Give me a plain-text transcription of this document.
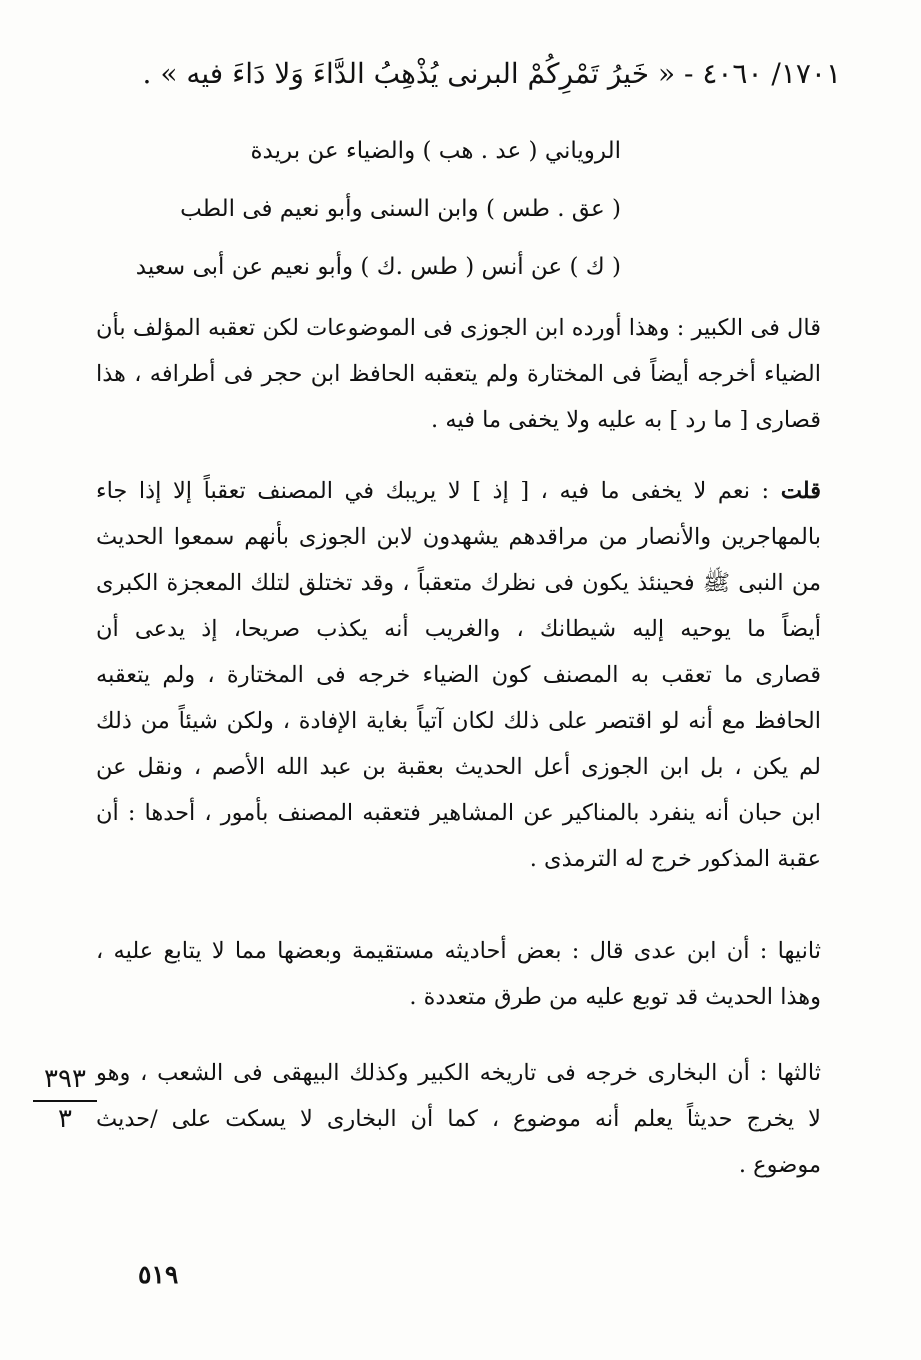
١٧٠١/ ٤٠٦٠ - « خَيرُ تَمْرِكُمْ البرنى يُذْهِبُ الدَّاءَ وَلا دَاءَ فيه » .
الروياني ( عد . هب ) والضياء عن بريدة
( عق . طس ) وابن السنى وأبو نعيم فى الطب
( ك ) عن أنس ( طس .ك ) وأبو نعيم عن أبى سعيد
قال فى الكبير : وهذا أورده ابن الجوزى فى الموضوعات لكن تعقبه المؤلف بأن
الضياء أخرجه أيضاً فى المختارة ولم يتعقبه الحافظ ابن حجر فى أطرافه ، هذا
قصارى [ ما رد ] به عليه ولا يخفى ما فيه .
قلت : نعم لا يخفى ما فيه ، [ إذ ] لا يريبك في المصنف تعقباً إلا إذا جاء
بالمهاجرين والأنصار من مراقدهم يشهدون لابن الجوزى بأنهم سمعوا الحديث
من النبى ﷺ فحينئذ يكون فى نظرك متعقباً ، وقد تختلق لتلك المعجزة الكبرى
أيضاً ما يوحيه إليه شيطانك ، والغريب أنه يكذب صريحا، إذ يدعى أن
قصارى ما تعقب به المصنف كون الضياء خرجه فى المختارة ، ولم يتعقبه
الحافظ مع أنه لو اقتصر على ذلك لكان آتياً بغاية الإفادة ، ولكن شيئاً من ذلك
لم يكن ، بل ابن الجوزى أعل الحديث بعقبة بن عبد الله الأصم ، ونقل عن
ابن حبان أنه ينفرد بالمناكير عن المشاهير فتعقبه المصنف بأمور ، أحدها : أن
عقبة المذكور خرج له الترمذى .
ثانيها : أن ابن عدى قال : بعض أحاديثه مستقيمة وبعضها مما لا يتابع عليه ،
وهذا الحديث قد توبع عليه من طرق متعددة .
ثالثها : أن البخارى خرجه فى تاريخه الكبير وكذلك البيهقى فى الشعب ، وهو
لا يخرج حديثاً يعلم أنه موضوع ، كما أن البخارى لا يسكت على /حديث
موضوع .
٣٩٣
٣
٥١٩
